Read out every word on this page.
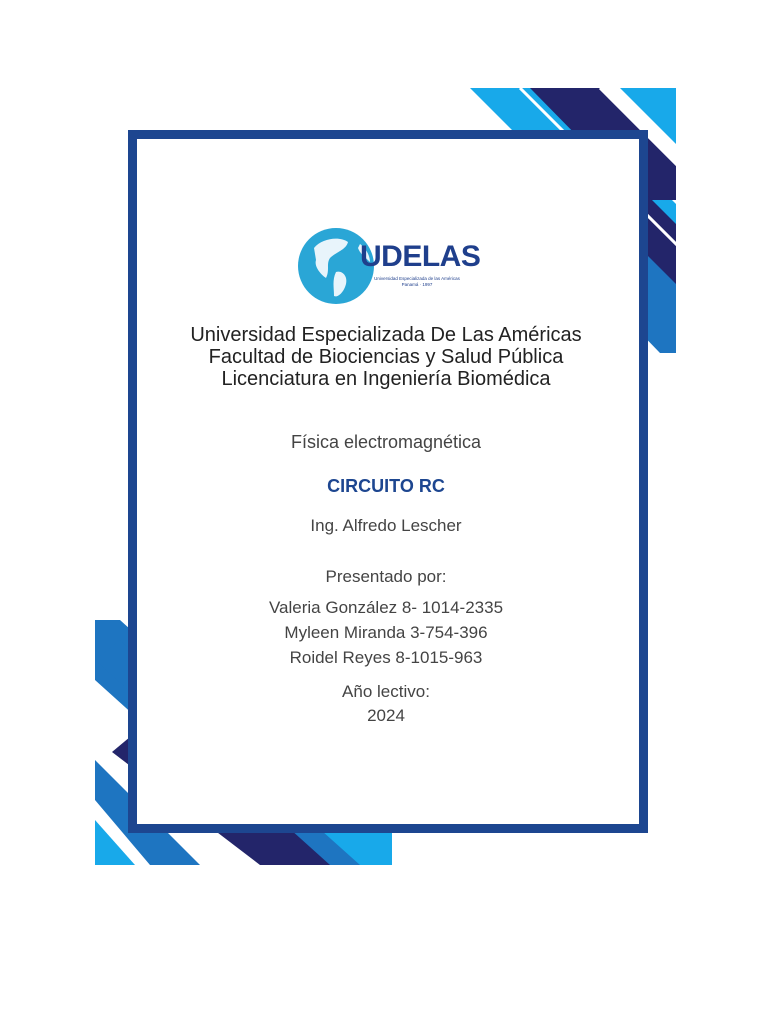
UDELAS
Universidad Especializada de las Américas
Panamá · 1997
Universidad Especializada De Las Américas
Facultad de Biociencias y Salud Pública
Licenciatura en Ingeniería Biomédica
Física electromagnética
CIRCUITO RC
Ing. Alfredo Lescher
Presentado por:
Valeria González 8- 1014-2335
Myleen Miranda 3-754-396
Roidel Reyes 8-1015-963
Año lectivo:
2024
